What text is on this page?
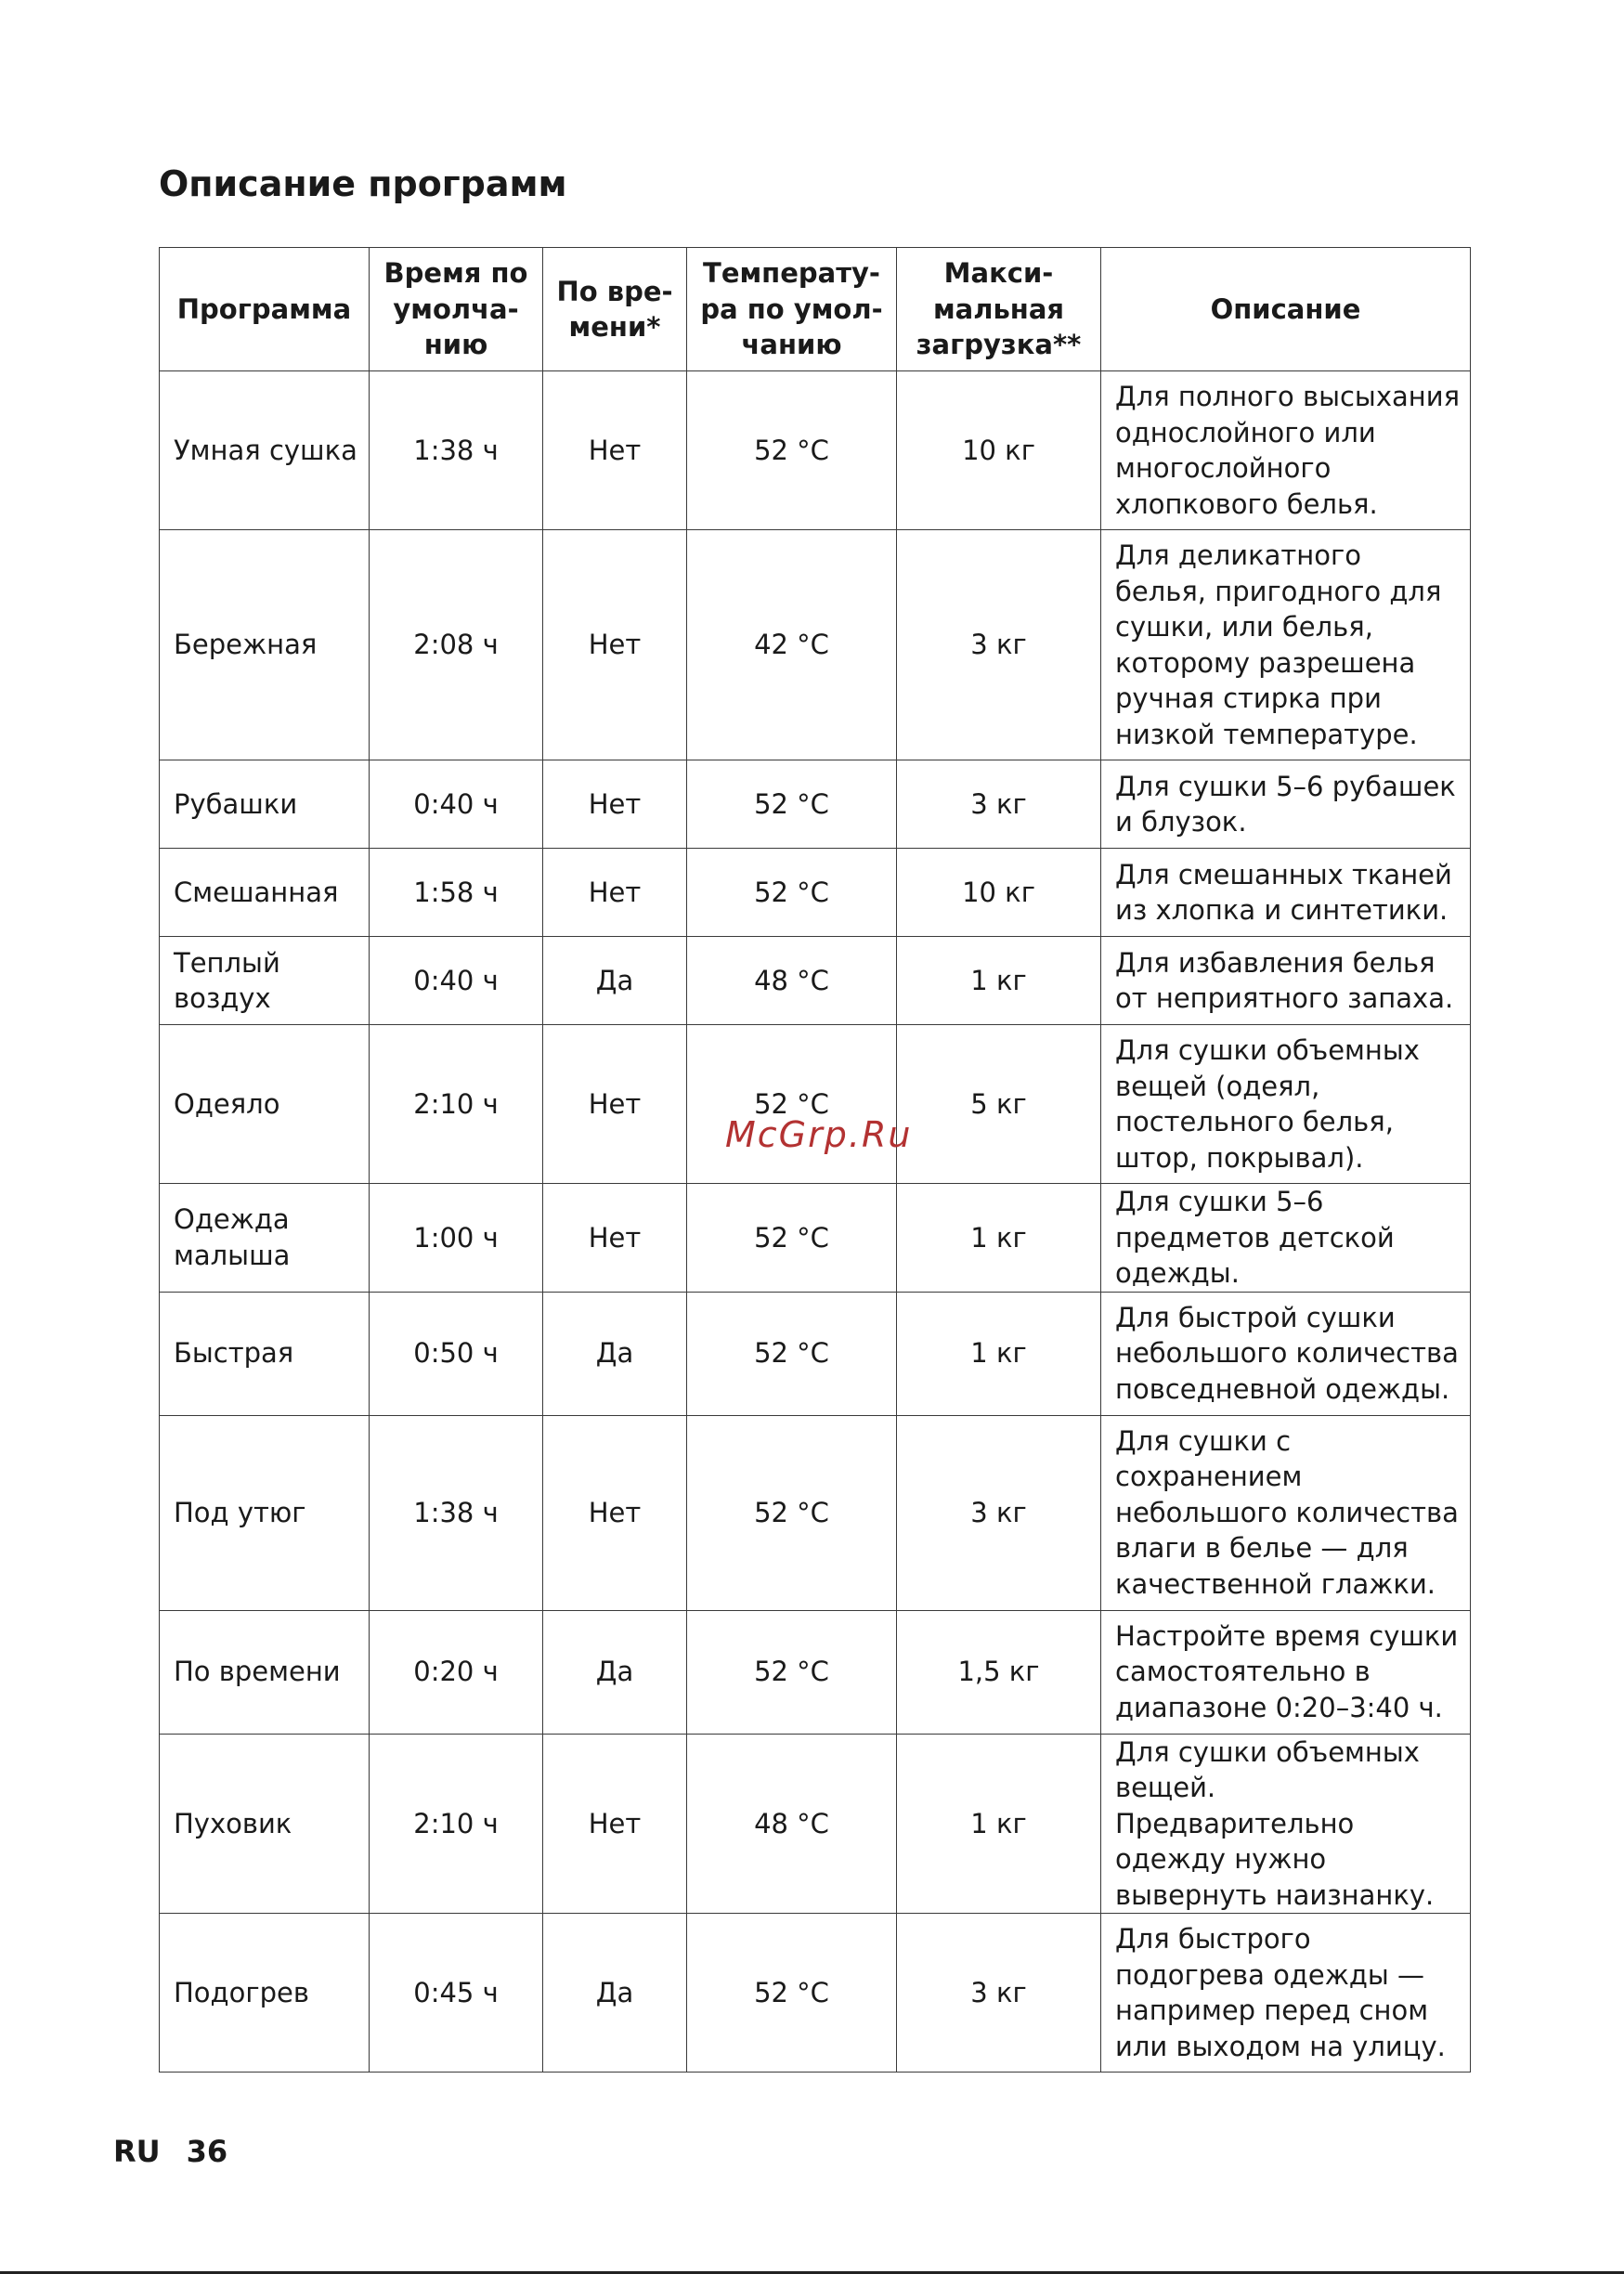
Описание программ
Программа	Время по умолча-нию	По вре-мени*	Температу-ра по умол-чанию	Макси-мальная загрузка**	Описание
Умная сушка	1:38 ч	Нет	52 °C	10 кг	Для полного высыхания однослойного или многослойного хлопкового белья.
Бережная	2:08 ч	Нет	42 °C	3 кг	Для деликатного белья, пригодного для сушки, или белья, которому разрешена ручная стирка при низкой температуре.
Рубашки	0:40 ч	Нет	52 °C	3 кг	Для сушки 5–6 рубашек и блузок.
Смешанная	1:58 ч	Нет	52 °C	10 кг	Для смешанных тканей из хлопка и синтетики.
Теплый воздух	0:40 ч	Да	48 °C	1 кг	Для избавления белья от неприятного запаха.
Одеяло	2:10 ч	Нет	52 °C	5 кг	Для сушки объемных вещей (одеял, постельного белья, штор, покрывал).
Одежда малыша	1:00 ч	Нет	52 °C	1 кг	Для сушки 5–6 предметов детской одежды.
Быстрая	0:50 ч	Да	52 °C	1 кг	Для быстрой сушки небольшого количества повседневной одежды.
Под утюг	1:38 ч	Нет	52 °C	3 кг	Для сушки с сохранением небольшого количества влаги в белье — для качественной глажки.
По времени	0:20 ч	Да	52 °C	1,5 кг	Настройте время сушки самостоятельно в диапазоне 0:20–3:40 ч.
Пуховик	2:10 ч	Нет	48 °C	1 кг	Для сушки объемных вещей. Предварительно одежду нужно вывернуть наизнанку.
Подогрев	0:45 ч	Да	52 °C	3 кг	Для быстрого подогрева одежды — например перед сном или выходом на улицу.
McGrp.Ru
RU 36
